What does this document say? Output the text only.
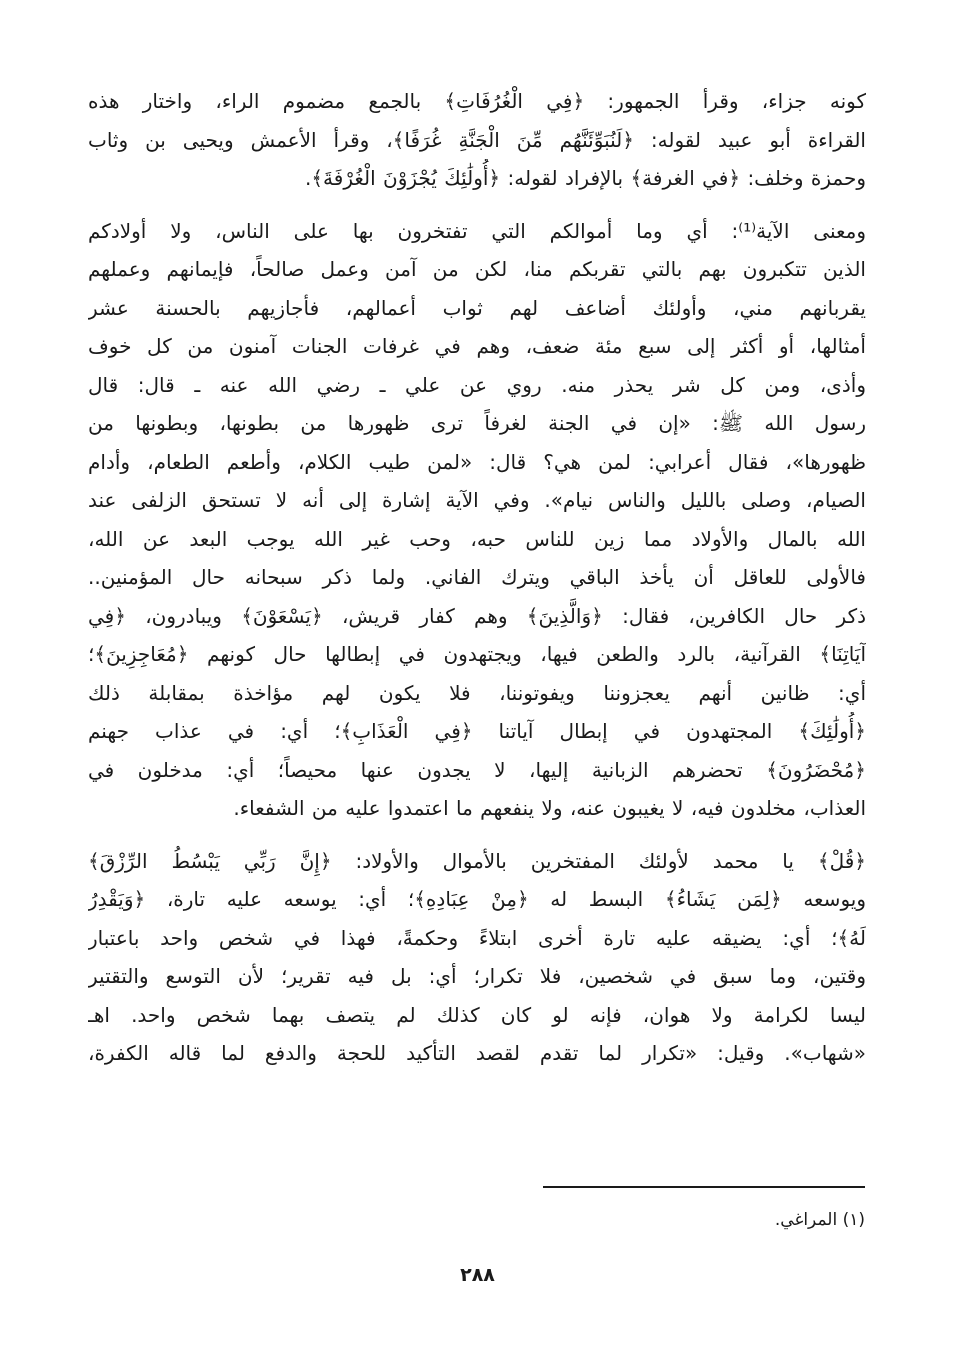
كونه جزاء، وقرأ الجمهور: ﴿فِي الْغُرُفَاتِ﴾ بالجمع مضموم الراء، واختار هذه
القراءة أبو عبيد لقوله: ﴿لَنُبَوِّئَنَّهُم مِّنَ الْجَنَّةِ غُرَفًا﴾، وقرأ الأعمش ويحيى بن وثاب
وحمزة وخلف: ﴿في الغرفة﴾ بالإفراد لقوله: ﴿أُولَٰئِكَ يُجْزَوْنَ الْغُرْفَةَ﴾.

ومعنى الآية⁽¹⁾: أي وما أموالكم التي تفتخرون بها على الناس، ولا أولادكم
الذين تتكبرون بهم بالتي تقربكم منا، لكن من آمن وعمل صالحاً، فإيمانهم وعملهم
يقربانهم مني، وأولئك أضاعف لهم ثواب أعمالهم، فأجازيهم بالحسنة عشر
أمثالها، أو أكثر إلى سبع مئة ضعف، وهم في غرفات الجنات آمنون من كل خوف
وأذى، ومن كل شر يحذر منه. روي عن علي ـ رضي الله عنه ـ قال: قال
رسول الله ﷺ: «إن في الجنة لغرفاً ترى ظهورها من بطونها، وبطونها من
ظهورها»، فقال أعرابي: لمن هي؟ قال: «لمن طيب الكلام، وأطعم الطعام، وأدام
الصيام، وصلى بالليل والناس نيام». وفي الآية إشارة إلى أنه لا تستحق الزلفى عند
الله بالمال والأولاد مما زين للناس حبه، وحب غير الله يوجب البعد عن الله،
فالأولى للعاقل أن يأخذ الباقي ويترك الفاني. ولما ذكر سبحانه حال المؤمنين..
ذكر حال الكافرين، فقال: ﴿وَالَّذِينَ﴾ وهم كفار قريش، ﴿يَسْعَوْنَ﴾ ويبادرون، ﴿فِي
آيَاتِنَا﴾ القرآنية، بالرد والطعن فيها، ويجتهدون في إبطالها حال كونهم ﴿مُعَاجِزِينَ﴾؛
أي: ظانين أنهم يعجزوننا ويفوتوننا، فلا يكون لهم مؤاخذة بمقابلة ذلك
﴿أُولَٰئِكَ﴾ المجتهدون في إبطال آياتنا ﴿فِي الْعَذَابِ﴾؛ أي: في عذاب جهنم
﴿مُحْضَرُونَ﴾ تحضرهم الزبانية إليها، لا يجدون عنها محيصاً؛ أي: مدخلون في
العذاب، مخلدون فيه، لا يغيبون عنه، ولا ينفعهم ما اعتمدوا عليه من الشفعاء.

﴿قُلْ﴾ يا محمد لأولئك المفتخرين بالأموال والأولاد: ﴿إِنَّ رَبِّي يَبْسُطُ الرِّزْقَ﴾
ويوسعه ﴿لِمَن يَشَاءُ﴾ البسط له ﴿مِنْ عِبَادِهِ﴾؛ أي: يوسعه عليه تارة، ﴿وَيَقْدِرُ
لَهُ﴾؛ أي: يضيقه عليه تارة أخرى ابتلاءً وحكمةً، فهذا في شخص واحد باعتبار
وقتين، وما سبق في شخصين، فلا تكرار؛ أي: بل فيه تقرير؛ لأن التوسع والتقتير
ليسا لكرامة ولا هوان، فإنه لو كان كذلك لم يتصف بهما شخص واحد. اهـ
«شهاب». وقيل: «تكرار لما تقدم لقصد التأكيد للحجة والدفع لما قاله الكفرة،

(١) المراغي.
٢٨٨
